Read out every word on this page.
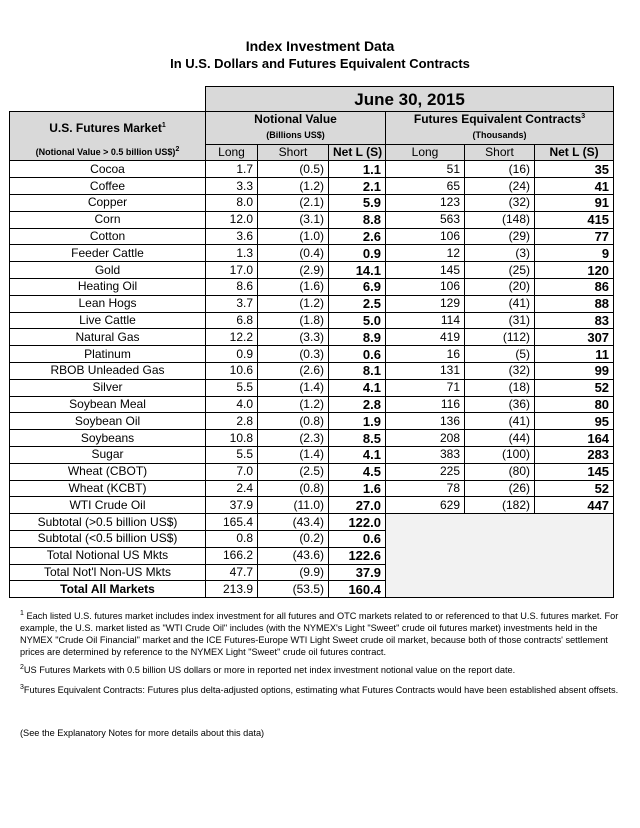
Index Investment Data
In U.S. Dollars and Futures Equivalent Contracts
	June 30, 2015					
U.S. Futures Market$^1$	Notional Value			Futures Equivalent Contracts$^3$
	(Billions US$)			(Thousands)		
(Notional Value > 0.5 billion US$)$^2$	Long	Short	Net L (S)	Long	Short	Net L (S)
Cocoa	1.7	(0.5)	1.1	51	(16)	35
Coffee	3.3	(1.2)	2.1	65	(24)	41
Copper	8.0	(2.1)	5.9	123	(32)	91
Corn	12.0	(3.1)	8.8	563	(148)	415
Cotton	3.6	(1.0)	2.6	106	(29)	77
Feeder Cattle	1.3	(0.4)	0.9	12	(3)	9
Gold	17.0	(2.9)	14.1	145	(25)	120
Heating Oil	8.6	(1.6)	6.9	106	(20)	86
Lean Hogs	3.7	(1.2)	2.5	129	(41)	88
Live Cattle	6.8	(1.8)	5.0	114	(31)	83
Natural Gas	12.2	(3.3)	8.9	419	(112)	307
Platinum	0.9	(0.3)	0.6	16	(5)	11
RBOB Unleaded Gas	10.6	(2.6)	8.1	131	(32)	99
Silver	5.5	(1.4)	4.1	71	(18)	52
Soybean Meal	4.0	(1.2)	2.8	116	(36)	80
Soybean Oil	2.8	(0.8)	1.9	136	(41)	95
Soybeans	10.8	(2.3)	8.5	208	(44)	164
Sugar	5.5	(1.4)	4.1	383	(100)	283
Wheat (CBOT)	7.0	(2.5)	4.5	225	(80)	145
Wheat (KCBT)	2.4	(0.8)	1.6	78	(26)	52
WTI Crude Oil	37.9	(11.0)	27.0	629	(182)	447
Subtotal (>0.5 billion US$)	165.4	(43.4)	122.0			
Subtotal (<0.5 billion US$)	0.8	(0.2)	0.6			
Total Notional US Mkts	166.2	(43.6)	122.6			
Total Not'l Non-US Mkts	47.7	(9.9)	37.9			
Total All Markets	213.9	(53.5)	160.4			
$^1$ Each listed U.S. futures market includes index investment for all futures and OTC markets related to or referenced to that U.S. futures market. For example, the U.S. market listed as "WTI Crude Oil" includes (with the NYMEX's Light "Sweet" crude oil futures market) investments held in the NYMEX "Crude Oil Financial" market and the ICE Futures-Europe WTI Light Sweet crude oil market, because both of those contracts' settlement prices are determined by reference to the NYMEX Light "Sweet" crude oil futures contract.
$^2$US Futures Markets with 0.5 billion US dollars or more in reported net index investment notional value on the report date.
$^3$Futures Equivalent Contracts: Futures plus delta-adjusted options, estimating what Futures Contracts would have been established absent offsets.
(See the Explanatory Notes for more details about this data)
